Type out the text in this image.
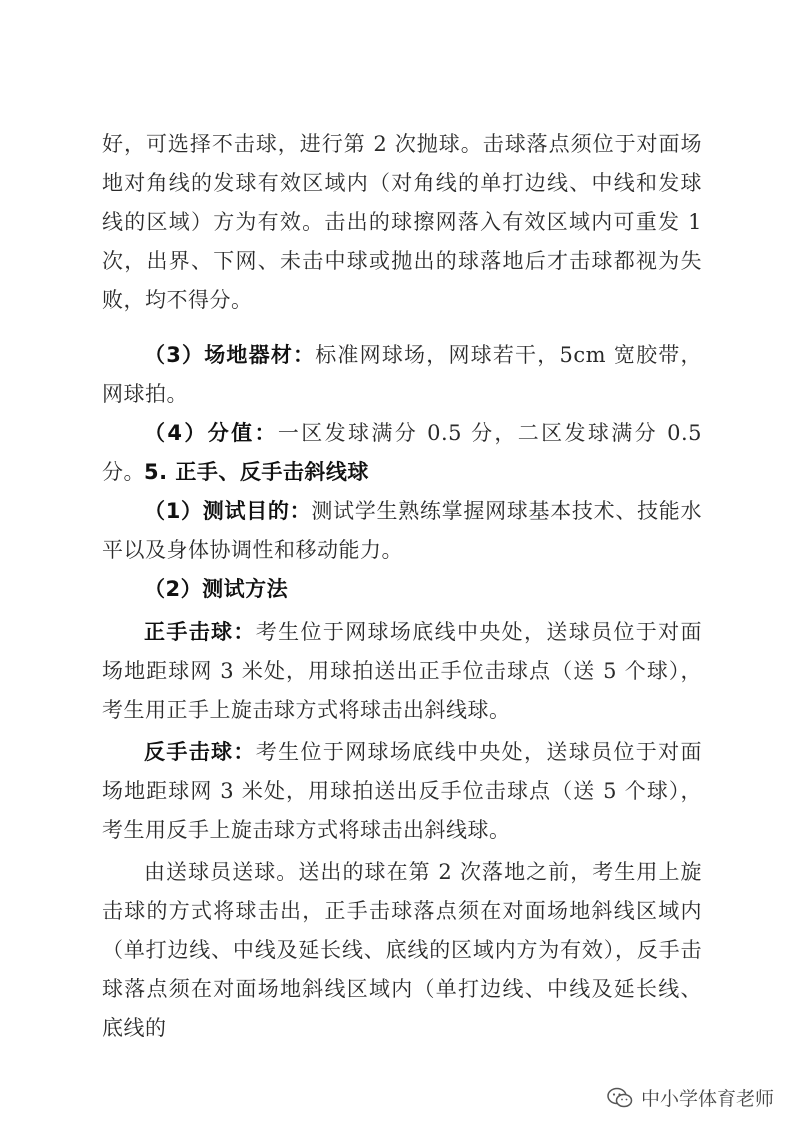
好，可选择不击球，进行第 2 次抛球。击球落点须位于对面场地对角线的发球有效区域内（对角线的单打边线、中线和发球线的区域）方为有效。击出的球擦网落入有效区域内可重发 1 次，出界、下网、未击中球或抛出的球落地后才击球都视为失败，均不得分。

（3）场地器材：标准网球场，网球若干，5cm 宽胶带，网球拍。

（4）分值：一区发球满分 0.5 分，二区发球满分 0.5 分。 5. 正手、反手击斜线球

（1）测试目的：测试学生熟练掌握网球基本技术、技能水平以及身体协调性和移动能力。

（2）测试方法

正手击球：考生位于网球场底线中央处，送球员位于对面场地距球网 3 米处，用球拍送出正手位击球点（送 5 个球），考生用正手上旋击球方式将球击出斜线球。

反手击球：考生位于网球场底线中央处，送球员位于对面场地距球网 3 米处，用球拍送出反手位击球点（送 5 个球），考生用反手上旋击球方式将球击出斜线球。

由送球员送球。送出的球在第 2 次落地之前，考生用上旋击球的方式将球击出，正手击球落点须在对面场地斜线区域内（单打边线、中线及延长线、底线的区域内方为有效），反手击球落点须在对面场地斜线区域内（单打边线、中线及延长线、底线的

中小学体育老师
